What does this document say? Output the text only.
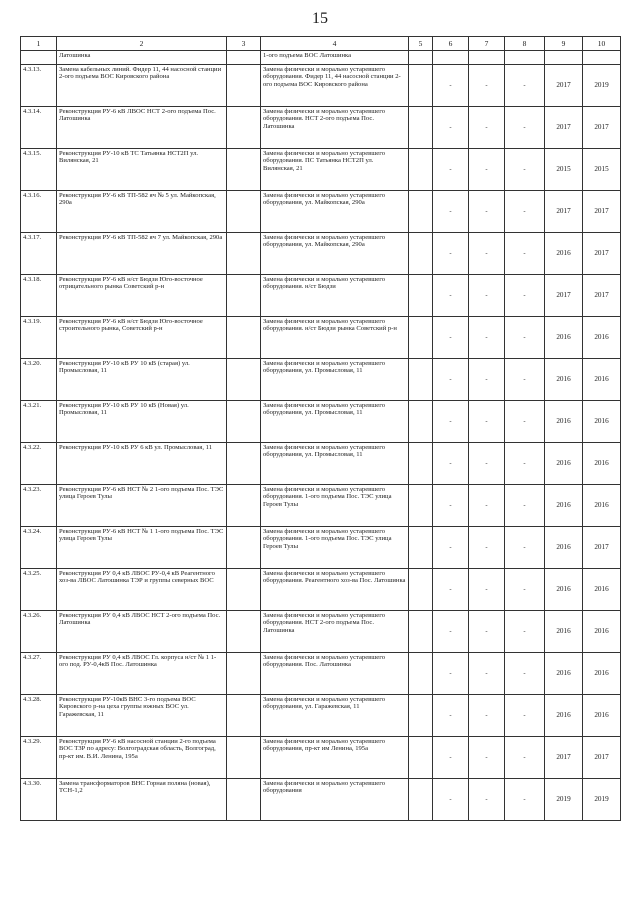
15
1	2	3	4	5	6	7	8	9	10
	Латошинка		1-ого подъема ВОС Латошинка						
4.3.13.	Замена кабельных линий. Фидер 11, 44 насосной станции 2-ого подъема ВОС Кировского района		Замена физически и морально устаревшего оборудования. Фидер 11, 44 насосной станции 2-ого подъема ВОС Кировского района		-	-	-	2017	2019
4.3.14.	Реконструкция РУ-6 кВ ЛВОС НСТ 2-ого подъема Пос. Латошинка		Замена физически и морально устаревшего оборудования. НСТ 2-ого подъема Пос. Латошинка		-	-	-	2017	2017
4.3.15.	Реконструкция РУ-10 кВ ТС Татьянка НСТ2П ул. Вилянская, 21		Замена физически и морально устаревшего оборудования. ПС Татьянка НСТ2П ул. Вилянская, 21		-	-	-	2015	2015
4.3.16.	Реконструкция РУ-6 кВ ТП-582 яч № 5 ул. Майкопская, 290а		Замена физически и морально устаревшего оборудования, ул. Майкопская, 290а		-	-	-	2017	2017
4.3.17.	Реконструкция РУ-6 кВ ТП-582 яч 7 ул. Майкопская, 290а		Замена физически и морально устаревшего оборудования, ул. Майкопская, 290а		-	-	-	2016	2017
4.3.18.	Реконструкция РУ-6 кВ н/ст Бюдзи Юго-восточное отрицательного рынка Советский р-н		Замена физически и морально устаревшего оборудования. н/ст Бюдзи		-	-	-	2017	2017
4.3.19.	Реконструкция РУ-6 кВ н/ст Бюдзи Юго-восточное строительного рынка, Советский р-н		Замена физически и морально устаревшего оборудования. н/ст Бюдзи рынка Советский р-н		-	-	-	2016	2016
4.3.20.	Реконструкция РУ-10 кВ РУ 10 кВ (старая) ул. Промысловая, 11		Замена физически и морально устаревшего оборудования, ул. Промысловая, 11		-	-	-	2016	2016
4.3.21.	Реконструкция РУ-10 кВ РУ 10 кВ (Новая) ул. Промысловая, 11		Замена физически и морально устаревшего оборудования, ул. Промысловая, 11		-	-	-	2016	2016
4.3.22.	Реконструкция РУ-10 кВ РУ 6 кВ ул. Промысловая, 11		Замена физически и морально устаревшего оборудования, ул. Промысловая, 11		-	-	-	2016	2016
4.3.23.	Реконструкция РУ-6 кВ НСТ № 2 1-ого подъема Пос. ТЭС улица Героев Тулы		Замена физически и морально устаревшего оборудования. 1-ого подъема Пос. ТЭС улица Героев Тулы		-	-	-	2016	2016
4.3.24.	Реконструкция РУ-6 кВ НСТ № 1 1-ого подъема Пос. ТЭС улица Героев Тулы		Замена физически и морально устаревшего оборудования. 1-ого подъема Пос. ТЭС улица Героев Тулы		-	-	-	2016	2017
4.3.25.	Реконструкция РУ 0,4 кВ ЛВОС РУ-0,4 кВ Реагентного хоз-ва ЛВОС Латошинка ТЭР и группы северных ВОС		Замена физически и морально устаревшего оборудования. Реагентного хоз-ва Пос. Латошинка		-	-	-	2016	2016
4.3.26.	Реконструкция РУ 0,4 кВ ЛВОС НСТ 2-ого подъема Пос. Латошинка		Замена физически и морально устаревшего оборудования. НСТ 2-ого подъема Пос. Латошинка		-	-	-	2016	2016
4.3.27.	Реконструкция РУ 0,4 кВ ЛВОС Гл. корпуса н/ст № 1 1-ого под. РУ-0,4кВ Пос. Латошинка		Замена физически и морально устаревшего оборудования. Пос. Латошинка		-	-	-	2016	2016
4.3.28.	Реконструкция РУ-10кВ ВНС 3-го подъема ВОС Кировского р-на цеха группы южных ВОС ул. Гаражевская, 11		Замена физически и морально устаревшего оборудования, ул. Гаражевская, 11		-	-	-	2016	2016
4.3.29.	Реконструкция РУ-6 кВ насосной станции 2-го подъема ВОС ТЗР по адресу: Волгоградская область, Волгоград, пр-кт им. В.И. Ленина, 195а		Замена физически и морально устаревшего оборудования, пр-кт им Ленина, 195а		-	-	-	2017	2017
4.3.30.	Замена трансформаторов ВНС Горная поляна (новая), ТСН-1,2		Замена физически и морально устаревшего оборудования		-	-	-	2019	2019
